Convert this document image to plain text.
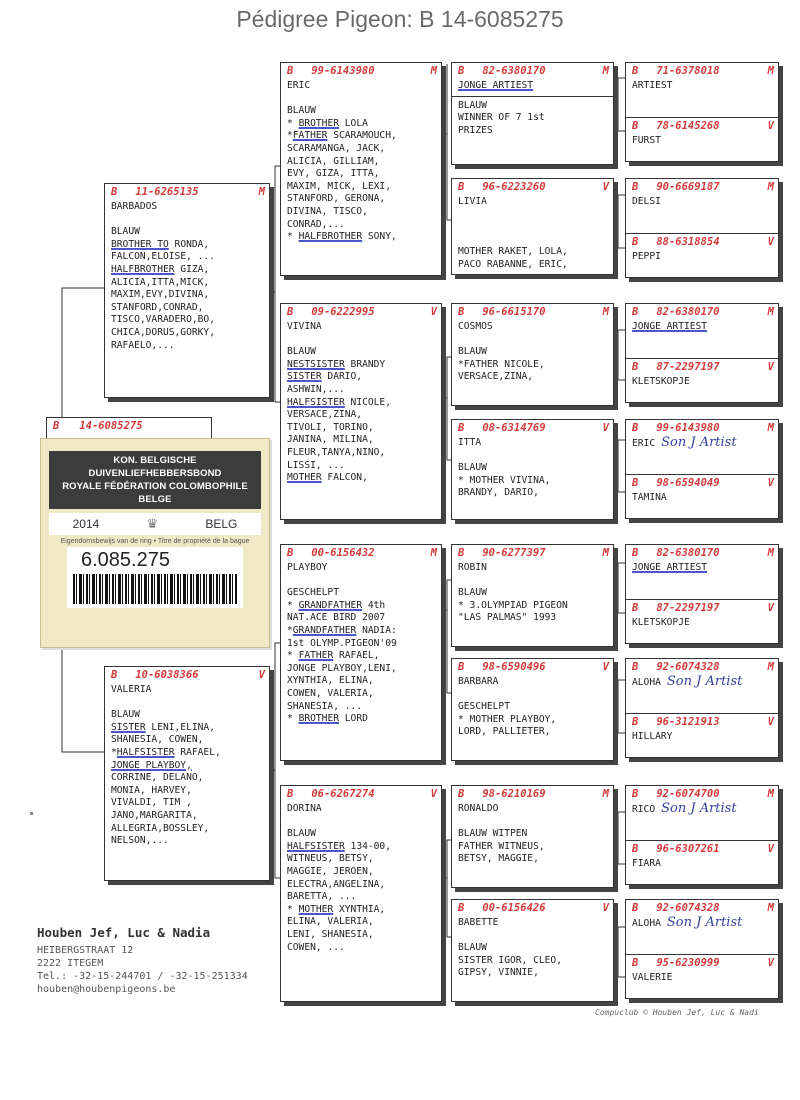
Pédigree Pigeon: B 14-6085275
B 14-6085275
KON. BELGISCHE DUIVENLIEFHEBBERSBOND
ROYALE FÉDÉRATION COLOMBOPHILE BELGE
2014	♛	BELG
Eigendomsbewijs van de ring • Titre de propriété de la bague
6.085.275
B	11-6265135	M
BARBADOS
BLAUW
BROTHER TO RONDA,
FALCON,ELOISE, ...
HALFBROTHER GIZA,
ALICIA,ITTA,MICK,
MAXIM,EVY,DIVINA,
STANFORD,CONRAD,
TISCO,VARADERO,BO,
CHICA,DORUS,GORKY,
RAFAELO,...
B	10-6038366	V
VALERIA
BLAUW
SISTER LENI,ELINA,
SHANESIA, COWEN,
*HALFSISTER RAFAEL,
JONGE PLAYBOY,
CORRINE, DELANO,
MONIA, HARVEY,
VIVALDI, TIM ,
JANO,MARGARITA,
ALLEGRIA,BOSSLEY,
NELSON,...
B	99-6143980	M
ERIC
BLAUW
* BROTHER LOLA
*FATHER SCARAMOUCH,
SCARAMANGA, JACK,
ALICIA, GILLIAM,
EVY, GIZA, ITTA,
MAXIM, MICK, LEXI,
STANFORD, GERONA,
DIVINA, TISCO,
CONRAD,...
* HALFBROTHER SONY,
B	09-6222995	V
VIVINA
BLAUW
NESTSISTER BRANDY
SISTER DARIO,
ASHWIN,...
HALFSISTER NICOLE,
VERSACE,ZINA,
TIVOLI, TORINO,
JANINA, MILINA,
FLEUR,TANYA,NINO,
LISSI, ...
MOTHER FALCON,
B	00-6156432	M
PLAYBOY
GESCHELPT
* GRANDFATHER 4th
NAT.ACE BIRD 2007
*GRANDFATHER NADIA:
1st OLYMP.PIGEON'09
* FATHER RAFAEL,
JONGE PLAYBOY,LENI,
XYNTHIA, ELINA,
COWEN, VALERIA,
SHANESIA, ...
* BROTHER LORD
B	06-6267274	V
DORINA
BLAUW
HALFSISTER 134-00,
WITNEUS, BETSY,
MAGGIE, JEROEN,
ELECTRA,ANGELINA,
BARETTA, ...
* MOTHER XYNTHIA,
ELINA, VALERIA,
LENI, SHANESIA,
COWEN, ...
B	82-6380170	M
JONGE ARTIEST
BLAUW
WINNER OF 7 1st
PRIZES
B	96-6223260	V
LIVIA
MOTHER RAKET, LOLA,
PACO RABANNE, ERIC,
B	96-6615170	M
COSMOS
BLAUW
*FATHER NICOLE,
VERSACE,ZINA,
B	08-6314769	V
ITTA
BLAUW
* MOTHER VIVINA,
BRANDY, DARIO,
B	90-6277397	M
ROBIN
BLAUW
* 3.OLYMPIAD PIGEON
"LAS PALMAS" 1993
B	98-6590496	V
BARBARA
GESCHELPT
* MOTHER PLAYBOY,
LORD, PALLIETER,
B	98-6210169	M
RONALDO
BLAUW WITPEN
FATHER WITNEUS,
BETSY, MAGGIE,
B	00-6156426	V
BABETTE
BLAUW
SISTER IGOR, CLEO,
GIPSY, VINNIE,
B	71-6378018	M
ARTIEST
B	78-6145268	V
FURST
B	90-6669187	M
DELSI
B	88-6318854	V
PEPPI
B	82-6380170	M
JONGE ARTIEST
B	87-2297197	V
KLETSKOPJE
B	99-6143980	M
ERIC Son J Artist
B	98-6594049	V
TAMINA
B	82-6380170	M
JONGE ARTIEST
B	87-2297197	V
KLETSKOPJE
B	92-6074328	M
ALOHA Son J Artist
B	96-3121913	V
HILLARY
B	92-6074700	M
RICO Son J Artist
B	96-6307261	V
FIARA
B	92-6074328	M
ALOHA Son J Artist
B	95-6230999	V
VALERIE
Houben Jef, Luc & Nadia
HEIBERGSTRAAT 12
2222 ITEGEM
Tel.: -32-15-244701 / -32-15-251334
houben@houbenpigeons.be
Compuclub © Houben Jef, Luc & Nadi
